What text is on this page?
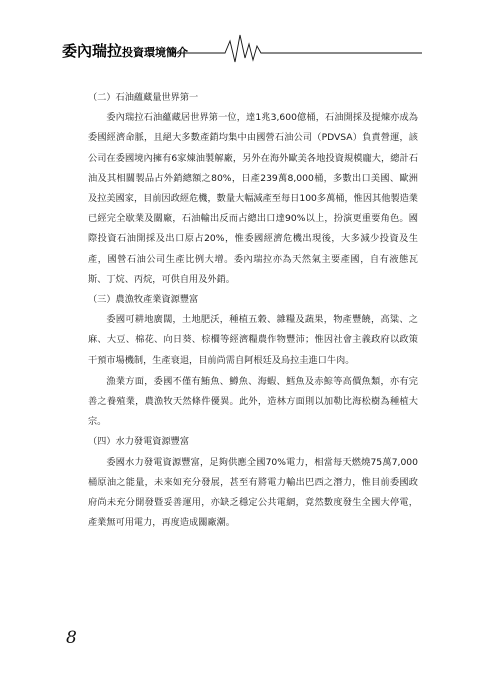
委內瑞拉投資環境簡介

（二）石油蘊藏量世界第一

委內瑞拉石油蘊藏居世界第一位，達1兆3,600億桶，石油開採及提煉亦成為委國經濟命脈，且絕大多數產銷均集中由國營石油公司（PDVSA）負責營運，該公司在委國境內擁有6家煉油製解廠，另外在海外歐美各地投資規模龐大，總計石油及其相關製品占外銷總額之80%，日產239萬8,000桶，多數出口美國、歐洲及拉美國家，目前因政經危機，數量大幅減產至每日100多萬桶，惟因其他製造業已經完全歇業及關廠，石油輸出反而占總出口達90%以上，扮演更重要角色。國際投資石油開採及出口原占20%，惟委國經濟危機出現後，大多減少投資及生產，國營石油公司生產比例大增。委內瑞拉亦為天然氣主要產國，自有液態瓦斯、丁烷、丙烷，可供自用及外銷。

（三）農漁牧產業資源豐富

委國可耕地廣闊，土地肥沃，種植五穀、雜糧及蔬果，物產豐饒，高粱、之麻、大豆、棉花、向日葵、棕櫚等經濟糧農作物豐沛；惟因社會主義政府以政策干預市場機制，生產衰退，目前尚需自阿根廷及烏拉圭進口牛肉。

漁業方面，委國不僅有鮪魚、鱒魚、海蝦、鱈魚及赤鯮等高價魚類，亦有完善之養殖業，農漁牧天然條件優異。此外，造林方面則以加勒比海松樹為種植大宗。

（四）水力發電資源豐富

委國水力發電資源豐富，足夠供應全國70%電力，相當每天燃燒75萬7,000桶原油之能量，未來如充分發展，甚至有將電力輸出巴西之潛力，惟目前委國政府尚未充分開發暨妥善運用，亦缺乏穩定公共電網，竟然數度發生全國大停電，產業無可用電力，再度造成關廠潮。

8
